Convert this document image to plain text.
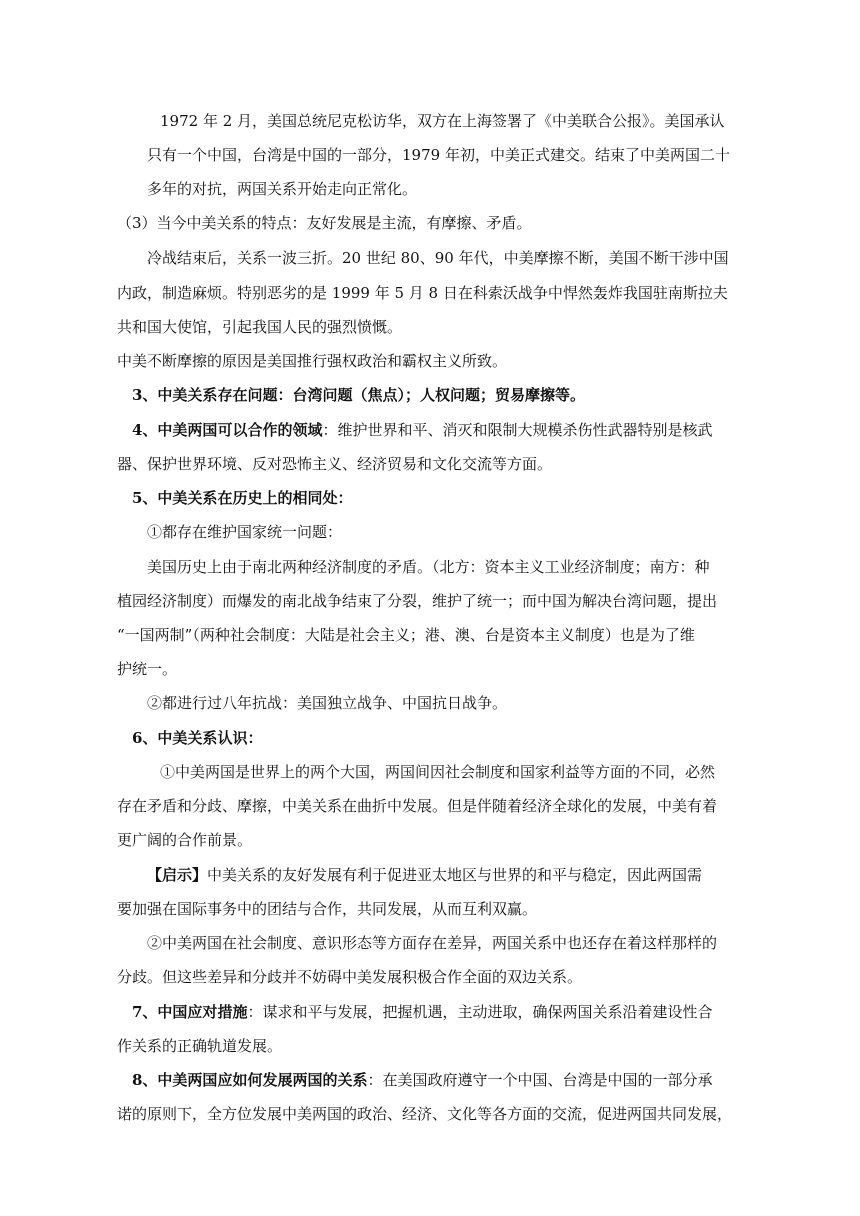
1972 年 2 月，美国总统尼克松访华，双方在上海签署了《中美联合公报》。美国承认
只有一个中国，台湾是中国的一部分，1979 年初，中美正式建交。结束了中美两国二十
多年的对抗，两国关系开始走向正常化。
（3）当今中美关系的特点：友好发展是主流，有摩擦、矛盾。
冷战结束后，关系一波三折。20 世纪 80、90 年代，中美摩擦不断，美国不断干涉中国
内政，制造麻烦。特别恶劣的是 1999 年 5 月 8 日在科索沃战争中悍然轰炸我国驻南斯拉夫
共和国大使馆，引起我国人民的强烈愤慨。
中美不断摩擦的原因是美国推行强权政治和霸权主义所致。
3、中美关系存在问题：台湾问题（焦点）；人权问题；贸易摩擦等。
4、中美两国可以合作的领域：维护世界和平、消灭和限制大规模杀伤性武器特别是核武
器、保护世界环境、反对恐怖主义、经济贸易和文化交流等方面。
5、中美关系在历史上的相同处：
①都存在维护国家统一问题：
美国历史上由于南北两种经济制度的矛盾。（北方：资本主义工业经济制度；南方：种
植园经济制度）而爆发的南北战争结束了分裂，维护了统一；而中国为解决台湾问题，提出
“一国两制”（两种社会制度：大陆是社会主义；港、澳、台是资本主义制度）也是为了维
护统一。
②都进行过八年抗战：美国独立战争、中国抗日战争。
6、中美关系认识：
①中美两国是世界上的两个大国，两国间因社会制度和国家利益等方面的不同，必然
存在矛盾和分歧、摩擦，中美关系在曲折中发展。但是伴随着经济全球化的发展，中美有着
更广阔的合作前景。
【启示】中美关系的友好发展有利于促进亚太地区与世界的和平与稳定，因此两国需
要加强在国际事务中的团结与合作，共同发展，从而互利双赢。
②中美两国在社会制度、意识形态等方面存在差异，两国关系中也还存在着这样那样的
分歧。但这些差异和分歧并不妨碍中美发展积极合作全面的双边关系。
7、中国应对措施：谋求和平与发展，把握机遇，主动进取，确保两国关系沿着建设性合
作关系的正确轨道发展。
8、中美两国应如何发展两国的关系：在美国政府遵守一个中国、台湾是中国的一部分承
诺的原则下，全方位发展中美两国的政治、经济、文化等各方面的交流，促进两国共同发展，
